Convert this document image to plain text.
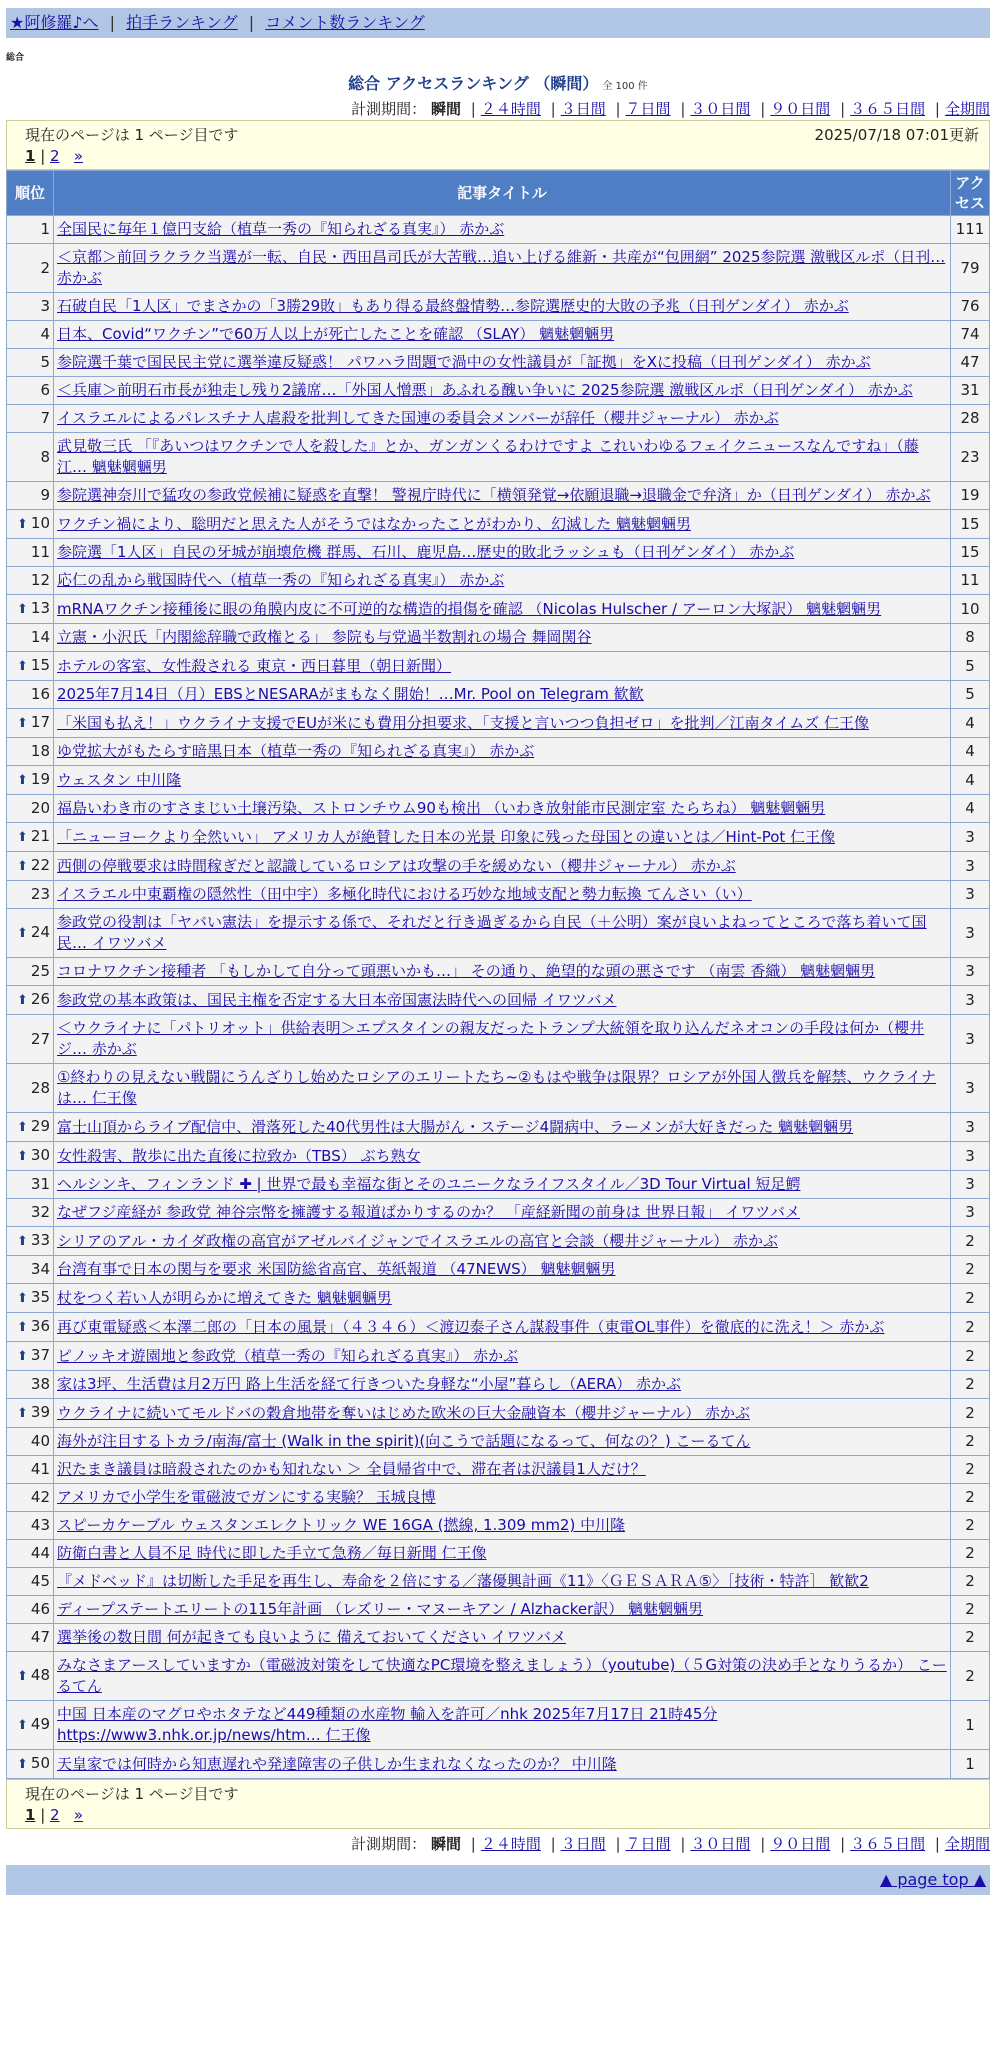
★阿修羅♪へ | 拍手ランキング | コメント数ランキング
総合
総合 アクセスランキング （瞬間） 全 100 件
計測期間： 瞬間 | ２４時間 | ３日間 | ７日間 | ３０日間 | ９０日間 | ３６５日間 | 全期間
現在のページは 1 ページ目です	2025/07/18 07:01更新
1 | 2 »
順位	記事タイトル	アクセス
1	全国民に毎年１億円支給（植草一秀の『知られざる真実』） 赤かぶ	111
2	＜京都＞前回ラクラク当選が一転、自民・西田昌司氏が大苦戦…追い上げる維新・共産が“包囲網” 2025参院選 激戦区ルポ（日刊… 赤かぶ	79
3	石破自民「1人区」でまさかの「3勝29敗」もあり得る最終盤情勢…参院選歴史的大敗の予兆（日刊ゲンダイ） 赤かぶ	76
4	日本、Covid“ワクチン”で60万人以上が死亡したことを確認 （SLAY） 魑魅魍魎男	74
5	参院選千葉で国民民主党に選挙違反疑惑！ パワハラ問題で渦中の女性議員が「証拠」をXに投稿（日刊ゲンダイ） 赤かぶ	47
6	＜兵庫＞前明石市長が独走し残り2議席…「外国人憎悪」あふれる醜い争いに 2025参院選 激戦区ルポ（日刊ゲンダイ） 赤かぶ	31
7	イスラエルによるパレスチナ人虐殺を批判してきた国連の委員会メンバーが辞任（櫻井ジャーナル） 赤かぶ	28
8	武見敬三氏 「『あいつはワクチンで人を殺した』とか、ガンガンくるわけですよ これいわゆるフェイクニュースなんですね」（藤江… 魑魅魍魎男	23
9	参院選神奈川で猛攻の参政党候補に疑惑を直撃！ 警視庁時代に「横領発覚→依願退職→退職金で弁済」か（日刊ゲンダイ） 赤かぶ	19
⬆ 10	ワクチン禍により、聡明だと思えた人がそうではなかったことがわかり、幻滅した 魑魅魍魎男	15
11	参院選「1人区」自民の牙城が崩壊危機 群馬、石川、鹿児島…歴史的敗北ラッシュも（日刊ゲンダイ） 赤かぶ	15
12	応仁の乱から戦国時代へ（植草一秀の『知られざる真実』） 赤かぶ	11
⬆ 13	mRNAワクチン接種後に眼の角膜内皮に不可逆的な構造的損傷を確認 （Nicolas Hulscher / アーロン大塚訳） 魑魅魍魎男	10
14	立憲・小沢氏「内閣総辞職で政権とる」 参院も与党過半数割れの場合 舞岡関谷	8
⬆ 15	ホテルの客室、女性殺される 東京・西日暮里（朝日新聞）	5
16	2025年7月14日（月）EBSとNESARAがまもなく開始！…Mr. Pool on Telegram 歓歓	5
⬆ 17	「米国も払え！」ウクライナ支援でEUが米にも費用分担要求、「支援と言いつつ負担ゼロ」を批判／江南タイムズ 仁王像	4
18	ゆ党拡大がもたらす暗黒日本（植草一秀の『知られざる真実』） 赤かぶ	4
⬆ 19	ウェスタン 中川隆	4
20	福島いわき市のすさまじい土壌汚染、ストロンチウム90も検出 （いわき放射能市民測定室 たらちね） 魑魅魍魎男	4
⬆ 21	「ニューヨークより全然いい」 アメリカ人が絶賛した日本の光景 印象に残った母国との違いとは／Hint-Pot 仁王像	3
⬆ 22	西側の停戦要求は時間稼ぎだと認識しているロシアは攻撃の手を緩めない（櫻井ジャーナル） 赤かぶ	3
23	イスラエル中東覇権の隠然性（田中宇）多極化時代における巧妙な地域支配と勢力転換 てんさい（い）	3
⬆ 24	参政党の役割は「ヤバい憲法」を提示する係で、それだと行き過ぎるから自民（＋公明）案が良いよねってところで落ち着いて国民… イワツバメ	3
25	コロナワクチン接種者 「もしかして自分って頭悪いかも…」 その通り、絶望的な頭の悪さです （南雲 香織） 魑魅魍魎男	3
⬆ 26	参政党の基本政策は、国民主権を否定する大日本帝国憲法時代への回帰 イワツバメ	3
27	＜ウクライナに「パトリオット」供給表明＞エプスタインの親友だったトランプ大統領を取り込んだネオコンの手段は何か（櫻井ジ… 赤かぶ	3
28	①終わりの見えない戦闘にうんざりし始めたロシアのエリートたち~②もはや戦争は限界？ロシアが外国人徴兵を解禁、ウクライナは… 仁王像	3
⬆ 29	富士山頂からライブ配信中、滑落死した40代男性は大腸がん・ステージ4闘病中、ラーメンが大好きだった 魑魅魍魎男	3
⬆ 30	女性殺害、散歩に出た直後に拉致か（TBS） ぶち熟女	3
31	ヘルシンキ、フィンランド ✚ | 世界で最も幸福な街とそのユニークなライフスタイル／3D Tour Virtual 短足鰐	3
32	なぜフジ産経が 参政党 神谷宗幣を擁護する報道ばかりするのか？ 「産経新聞の前身は 世界日報」 イワツバメ	3
⬆ 33	シリアのアル・カイダ政権の高官がアゼルバイジャンでイスラエルの高官と会談（櫻井ジャーナル） 赤かぶ	2
34	台湾有事で日本の関与を要求 米国防総省高官、英紙報道 （47NEWS） 魑魅魍魎男	2
⬆ 35	杖をつく若い人が明らかに増えてきた 魑魅魍魎男	2
⬆ 36	再び東電疑惑＜本澤二郎の「日本の風景」（４３４６）＜渡辺泰子さん謀殺事件（東電OL事件）を徹底的に洗え！＞ 赤かぶ	2
⬆ 37	ピノッキオ遊園地と参政党（植草一秀の『知られざる真実』） 赤かぶ	2
38	家は3坪、生活費は月2万円 路上生活を経て行きついた身軽な“小屋”暮らし（AERA） 赤かぶ	2
⬆ 39	ウクライナに続いてモルドバの穀倉地帯を奪いはじめた欧米の巨大金融資本（櫻井ジャーナル） 赤かぶ	2
40	海外が注目するトカラ/南海/富士 (Walk in the spirit)(向こうで話題になるって、何なの？) こーるてん	2
41	沢たまき議員は暗殺されたのかも知れない ＞ 全員帰省中で、滞在者は沢議員1人だけ？	2
42	アメリカで小学生を電磁波でガンにする実験？ 玉城良博	2
43	スピーカケーブル ウェスタンエレクトリック WE 16GA (撚線, 1.309 mm2) 中川隆	2
44	防衛白書と人員不足 時代に即した手立て急務／毎日新聞 仁王像	2
45	『メドベッド』は切断した手足を再生し、寿命を２倍にする／藩優興計画《11》〈ＧＥＳＡＲＡ⑤〉［技術・特許］ 歓歓2	2
46	ディープステートエリートの115年計画 （レズリー・マヌーキアン / Alzhacker訳） 魑魅魍魎男	2
47	選挙後の数日間 何が起きても良いように 備えておいてください イワツバメ	2
⬆ 48	みなさまアースしていますか（電磁波対策をして快適なPC環境を整えましょう）（youtube)（５G対策の決め手となりうるか） こーるてん	2
⬆ 49	中国 日本産のマグロやホタテなど449種類の水産物 輸入を許可／nhk 2025年7月17日 21時45分 https://www3.nhk.or.jp/news/htm… 仁王像	1
⬆ 50	天皇家では何時から知恵遅れや発達障害の子供しか生まれなくなったのか？ 中川隆	1
現在のページは 1 ページ目です
1 | 2 »
計測期間： 瞬間 | ２４時間 | ３日間 | ７日間 | ３０日間 | ９０日間 | ３６５日間 | 全期間
▲ page top ▲
